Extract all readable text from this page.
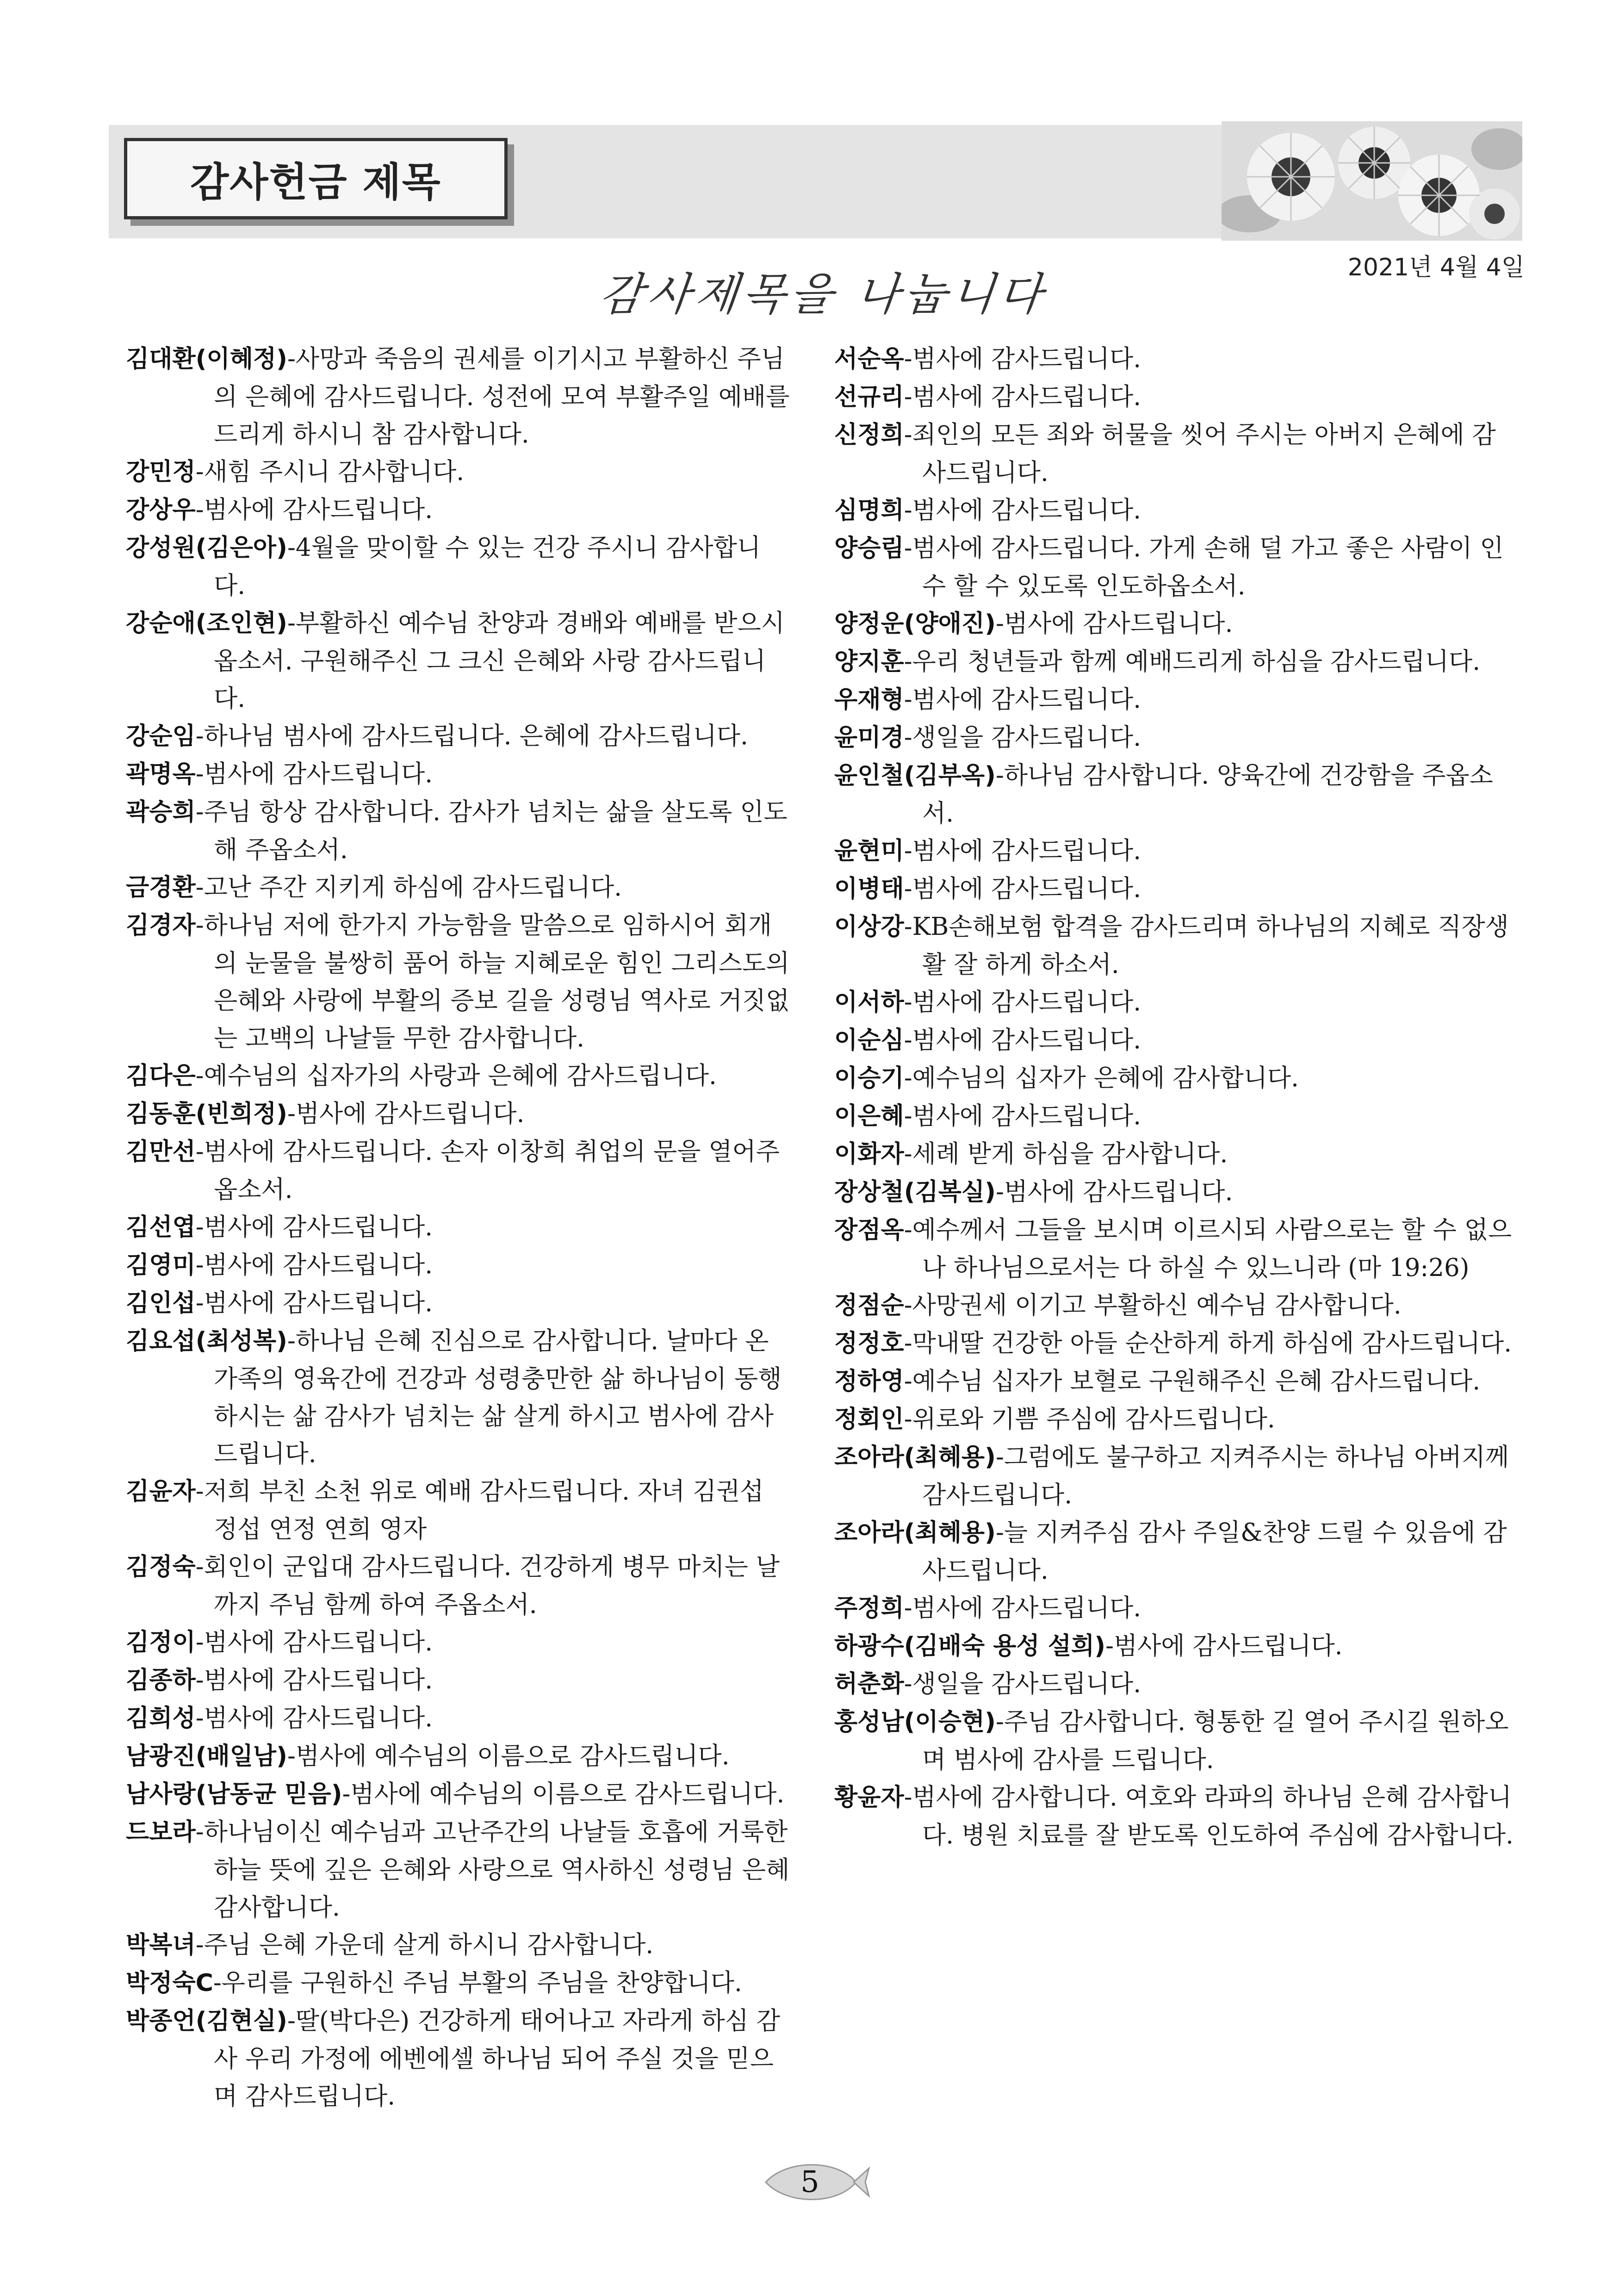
감사헌금 제목
2021년 4월 4일
감사제목을 나눕니다
김대환(이혜정)-사망과 죽음의 권세를 이기시고 부활하신 주님의 은혜에 감사드립니다. 성전에 모여 부활주일 예배를 드리게 하시니 참 감사합니다.
강민정-새힘 주시니 감사합니다.
강상우-범사에 감사드립니다.
강성원(김은아)-4월을 맞이할 수 있는 건강 주시니 감사합니다.
강순애(조인현)-부활하신 예수님 찬양과 경배와 예배를 받으시옵소서. 구원해주신 그 크신 은혜와 사랑 감사드립니다.
강순임-하나님 범사에 감사드립니다. 은혜에 감사드립니다.
곽명옥-범사에 감사드립니다.
곽승희-주님 항상 감사합니다. 감사가 넘치는 삶을 살도록 인도해 주옵소서.
금경환-고난 주간 지키게 하심에 감사드립니다.
김경자-하나님 저에 한가지 가능함을 말씀으로 임하시어 회개의 눈물을 불쌍히 품어 하늘 지혜로운 힘인 그리스도의 은혜와 사랑에 부활의 증보 길을 성령님 역사로 거짓없는 고백의 나날들 무한 감사합니다.
김다은-예수님의 십자가의 사랑과 은혜에 감사드립니다.
김동훈(빈희정)-범사에 감사드립니다.
김만선-범사에 감사드립니다. 손자 이창희 취업의 문을 열어주옵소서.
김선엽-범사에 감사드립니다.
김영미-범사에 감사드립니다.
김인섭-범사에 감사드립니다.
김요섭(최성복)-하나님 은혜 진심으로 감사합니다. 날마다 온 가족의 영육간에 건강과 성령충만한 삶 하나님이 동행하시는 삶 감사가 넘치는 삶 살게 하시고 범사에 감사드립니다.
김윤자-저희 부친 소천 위로 예배 감사드립니다. 자녀 김권섭 정섭 연정 연희 영자
김정숙-회인이 군입대 감사드립니다. 건강하게 병무 마치는 날까지 주님 함께 하여 주옵소서.
김정이-범사에 감사드립니다.
김종하-범사에 감사드립니다.
김희성-범사에 감사드립니다.
남광진(배일남)-범사에 예수님의 이름으로 감사드립니다.
남사랑(남동균 믿음)-범사에 예수님의 이름으로 감사드립니다.
드보라-하나님이신 예수님과 고난주간의 나날들 호흡에 거룩한 하늘 뜻에 깊은 은혜와 사랑으로 역사하신 성령님 은혜 감사합니다.
박복녀-주님 은혜 가운데 살게 하시니 감사합니다.
박정숙C-우리를 구원하신 주님 부활의 주님을 찬양합니다.
박종언(김현실)-딸(박다은) 건강하게 태어나고 자라게 하심 감사 우리 가정에 에벤에셀 하나님 되어 주실 것을 믿으며 감사드립니다.
서순옥-범사에 감사드립니다.
선규리-범사에 감사드립니다.
신정희-죄인의 모든 죄와 허물을 씻어 주시는 아버지 은혜에 감사드립니다.
심명희-범사에 감사드립니다.
양승림-범사에 감사드립니다. 가게 손해 덜 가고 좋은 사람이 인수 할 수 있도록 인도하옵소서.
양정운(양애진)-범사에 감사드립니다.
양지훈-우리 청년들과 함께 예배드리게 하심을 감사드립니다.
우재형-범사에 감사드립니다.
윤미경-생일을 감사드립니다.
윤인철(김부옥)-하나님 감사합니다. 양육간에 건강함을 주옵소서.
윤현미-범사에 감사드립니다.
이병태-범사에 감사드립니다.
이상강-KB손해보험 합격을 감사드리며 하나님의 지혜로 직장생활 잘 하게 하소서.
이서하-범사에 감사드립니다.
이순심-범사에 감사드립니다.
이승기-예수님의 십자가 은혜에 감사합니다.
이은혜-범사에 감사드립니다.
이화자-세례 받게 하심을 감사합니다.
장상철(김복실)-범사에 감사드립니다.
장점옥-예수께서 그들을 보시며 이르시되 사람으로는 할 수 없으나 하나님으로서는 다 하실 수 있느니라 (마 19:26)
정점순-사망권세 이기고 부활하신 예수님 감사합니다.
정정호-막내딸 건강한 아들 순산하게 하게 하심에 감사드립니다.
정하영-예수님 십자가 보혈로 구원해주신 은혜 감사드립니다.
정회인-위로와 기쁨 주심에 감사드립니다.
조아라(최혜용)-그럼에도 불구하고 지켜주시는 하나님 아버지께 감사드립니다.
조아라(최혜용)-늘 지켜주심 감사 주일&찬양 드릴 수 있음에 감사드립니다.
주정희-범사에 감사드립니다.
하광수(김배숙 용성 설희)-범사에 감사드립니다.
허춘화-생일을 감사드립니다.
홍성남(이승현)-주님 감사합니다. 형통한 길 열어 주시길 원하오며 범사에 감사를 드립니다.
황윤자-범사에 감사합니다. 여호와 라파의 하나님 은혜 감사합니다. 병원 치료를 잘 받도록 인도하여 주심에 감사합니다.
5
